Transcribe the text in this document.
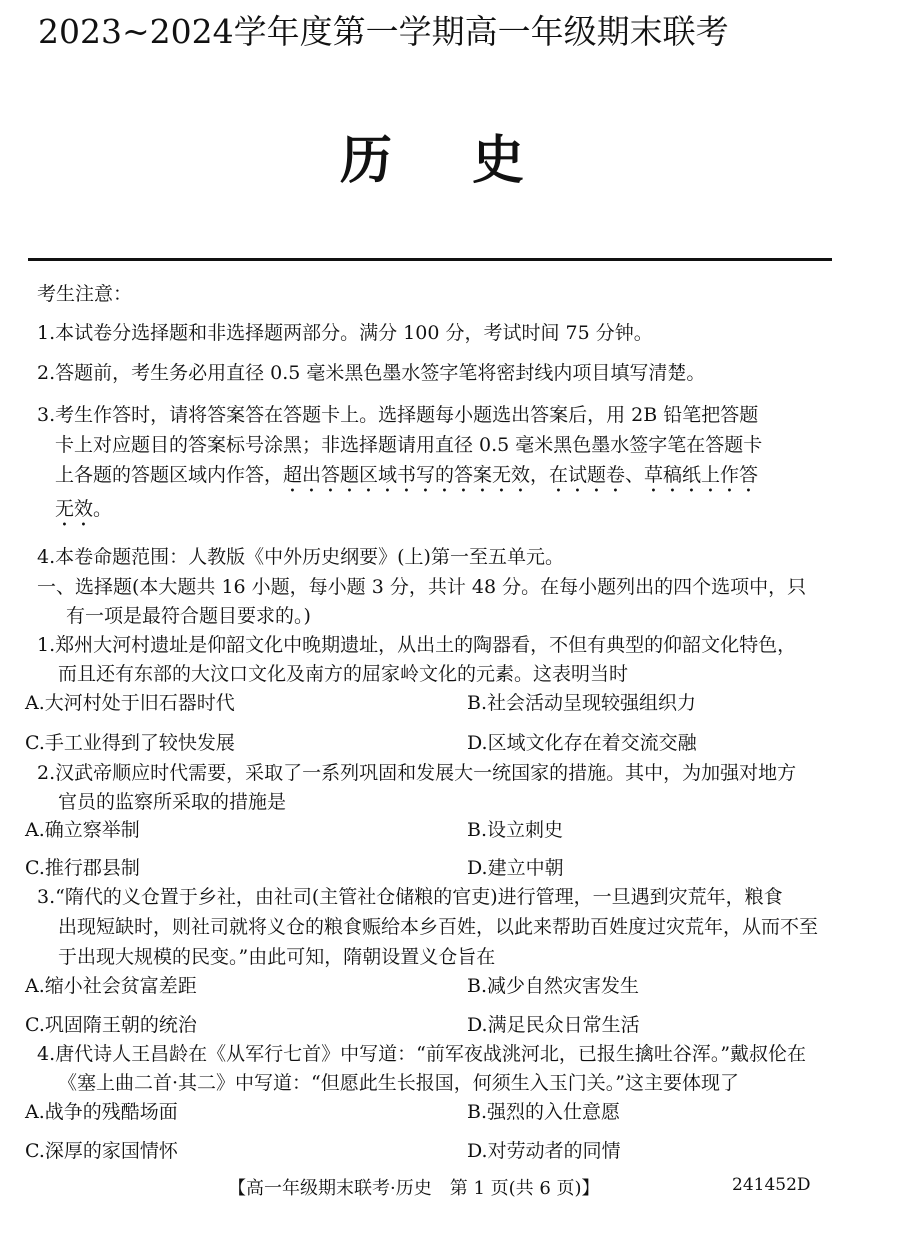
2023~2024学年度第一学期高一年级期末联考
历史
考生注意：
1.本试卷分选择题和非选择题两部分。满分 100 分，考试时间 75 分钟。
2.答题前，考生务必用直径 0.5 毫米黑色墨水签字笔将密封线内项目填写清楚。
3.考生作答时，请将答案答在答题卡上。选择题每小题选出答案后，用 2B 铅笔把答题
卡上对应题目的答案标号涂黑；非选择题请用直径 0.5 毫米黑色墨水签字笔在答题卡
上各题的答题区域内作答，超出答题区域书写的答案无效，在试题卷、草稿纸上作答
无效。
4.本卷命题范围：人教版《中外历史纲要》(上)第一至五单元。
一、选择题(本大题共 16 小题，每小题 3 分，共计 48 分。在每小题列出的四个选项中，只
有一项是最符合题目要求的。)
1.郑州大河村遗址是仰韶文化中晚期遗址，从出土的陶器看，不但有典型的仰韶文化特色，
而且还有东部的大汶口文化及南方的屈家岭文化的元素。这表明当时
A.大河村处于旧石器时代	B.社会活动呈现较强组织力
C.手工业得到了较快发展	D.区域文化存在着交流交融
2.汉武帝顺应时代需要，采取了一系列巩固和发展大一统国家的措施。其中，为加强对地方
官员的监察所采取的措施是
A.确立察举制	B.设立刺史
C.推行郡县制	D.建立中朝
3.“隋代的义仓置于乡社，由社司(主管社仓储粮的官吏)进行管理，一旦遇到灾荒年，粮食
出现短缺时，则社司就将义仓的粮食赈给本乡百姓，以此来帮助百姓度过灾荒年，从而不至
于出现大规模的民变。”由此可知，隋朝设置义仓旨在
A.缩小社会贫富差距	B.减少自然灾害发生
C.巩固隋王朝的统治	D.满足民众日常生活
4.唐代诗人王昌龄在《从军行七首》中写道：“前军夜战洮河北，已报生擒吐谷浑。”戴叔伦在
《塞上曲二首·其二》中写道：“但愿此生长报国，何须生入玉门关。”这主要体现了
A.战争的残酷场面	B.强烈的入仕意愿
C.深厚的家国情怀	D.对劳动者的同情
【高一年级期末联考·历史　第 1 页(共 6 页)】	241452D
